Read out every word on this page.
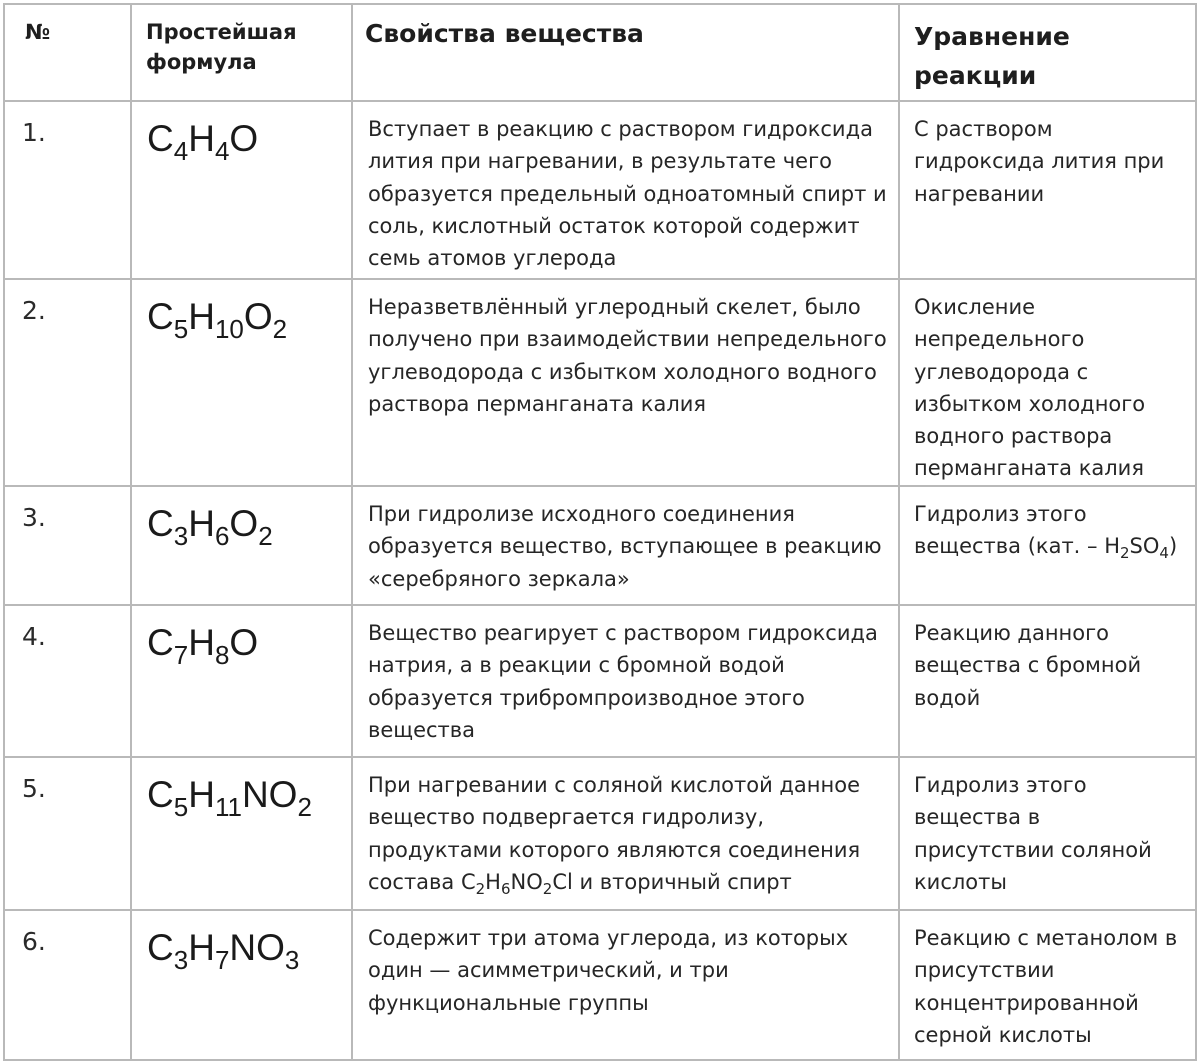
№	Простейшая формула	Свойства вещества	Уравнение реакции
1.	$C_4H_4O$	Вступает в реакцию с раствором гидроксида лития при нагревании, в результате чего образуется предельный одноатомный спирт и соль, кислотный остаток которой содержит семь атомов углерода	С раствором гидроксида лития при нагревании
2.	$C_5H_{10}O_2$	Неразветвлённый углеродный скелет, было получено при взаимодействии непредельного углеводорода с избытком холодного водного раствора перманганата калия	Окисление непредельного углеводорода с избытком холодного водного раствора перманганата калия
3.	$C_3H_6O_2$	При гидролизе исходного соединения образуется вещество, вступающее в реакцию «серебряного зеркала»	Гидролиз этого вещества (кат. – $H_2SO_4$)
4.	$C_7H_8O$	Вещество реагирует с раствором гидроксида натрия, а в реакции с бромной водой образуется трибромпроизводное этого вещества	Реакцию данного вещества с бромной водой
5.	$C_5H_{11}NO_2$	При нагревании с соляной кислотой данное вещество подвергается гидролизу, продуктами которого являются соединения состава $C_2H_6NO_2Cl$ и вторичный спирт	Гидролиз этого вещества в присутствии соляной кислоты
6.	$C_3H_7NO_3$	Содержит три атома углерода, из которых один — асимметрический, и три функциональные группы	Реакцию с метанолом в присутствии концентрированной серной кислоты
